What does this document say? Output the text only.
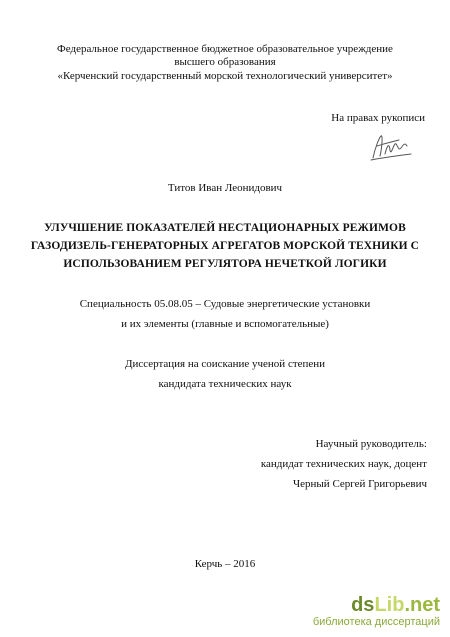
Федеральное государственное бюджетное образовательное учреждение
высшего образования
«Керченский государственный морской технологический университет»
На правах рукописи
Титов Иван Леонидович
УЛУЧШЕНИЕ ПОКАЗАТЕЛЕЙ НЕСТАЦИОНАРНЫХ РЕЖИМОВ
ГАЗОДИЗЕЛЬ-ГЕНЕРАТОРНЫХ АГРЕГАТОВ МОРСКОЙ ТЕХНИКИ С
ИСПОЛЬЗОВАНИЕМ РЕГУЛЯТОРА НЕЧЕТКОЙ ЛОГИКИ
Специальность 05.08.05 – Судовые энергетические установки
и их элементы (главные и вспомогательные)
Диссертация на соискание ученой степени
кандидата технических наук
Научный руководитель:
кандидат технических наук, доцент
Черный Сергей Григорьевич
Керчь – 2016
dsLib.net
библиотека диссертаций
